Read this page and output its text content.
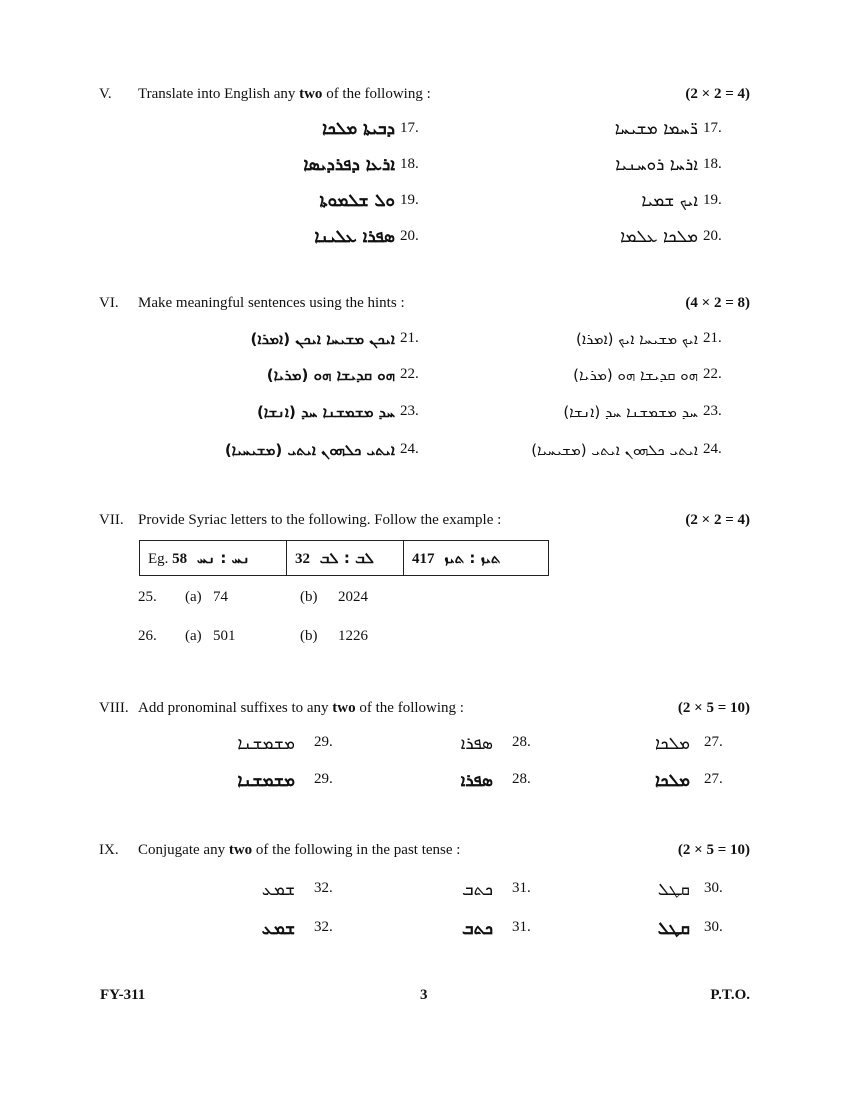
V. Translate into English any two of the following :	(2 × 2 = 4)
ܕܒܝܬܐ ܡܠܟܐ 17.	ܪ̈ܚܡܐ ܡܫܝܚܐ 17.
ܐܪܥܐ ܕܦܪܕܝܣܐ 18.	ܐܪܚܐ ܪܘܚܢܝܐ 18.
ܘܠ ܫܠܡܘܬܐ 19.	ܐܝܟ ܫܡܝܐ 19.
ܣܦܪܐ ܥܠܝܢܐ 20.	ܡܠܟܐ ܥܠܡܐ 20.
VI. Make meaningful sentences using the hints :	(4 × 2 = 8)
ܐܝܟܢ ܡܫܝܚܐ ܐܝܟܢ (ܐܡܪܐ) 21.	ܐܝܟ ܡܫܝܚܐ ܐܝܟ (ܐܡܪܐ) 21.
ܗܘ ܩܕܝܫܐ ܗܘ (ܡܪܝܐ) 22.	ܗܘ ܩܕܝܫܐ ܗܘ (ܡܪܝܐ) 22.
ܚܕ ܡܫܡܫܢܐ ܚܕ (ܐܢܫܐ) 23.	ܚܕ ܡܫܡܫܢܐ ܚܕ (ܐܢܫܐ) 23.
ܐܝܬܝ ܟܠܗܘܢ ܐܝܬܝ (ܡܫܝܚܝܐ) 24.	ܐܝܬܝ ܟܠܗܘܢ ܐܝܬܝ (ܡܫܝܚܝܐ) 24.
VII. Provide Syriac letters to the following. Follow the example :	(2 × 2 = 4)
Eg. ܢܚ : ܢܚ 58	ܠܒ : ܠܒ 32	ܬܝܙ : ܬܝܙ 417
25. (a) 74	(b) 2024
26. (a) 501	(b) 1226
VIII. Add pronominal suffixes to any two of the following :	(2 × 5 = 10)
ܡܫܡܫܢܐ 29.	ܣܦܪܐ 28.	ܡܠܟܐ 27.
ܡܫܡܫܢܐ 29.	ܣܦܪܐ 28.	ܡܠܟܐ 27.
IX. Conjugate any two of the following in the past tense :	(2 × 5 = 10)
ܫܡܥ 32.	ܟܬܒ 31.	ܩܛܠ 30.
ܫܡܥ 32.	ܟܬܒ 31.	ܩܛܠ 30.
FY-311	3	P.T.O.
